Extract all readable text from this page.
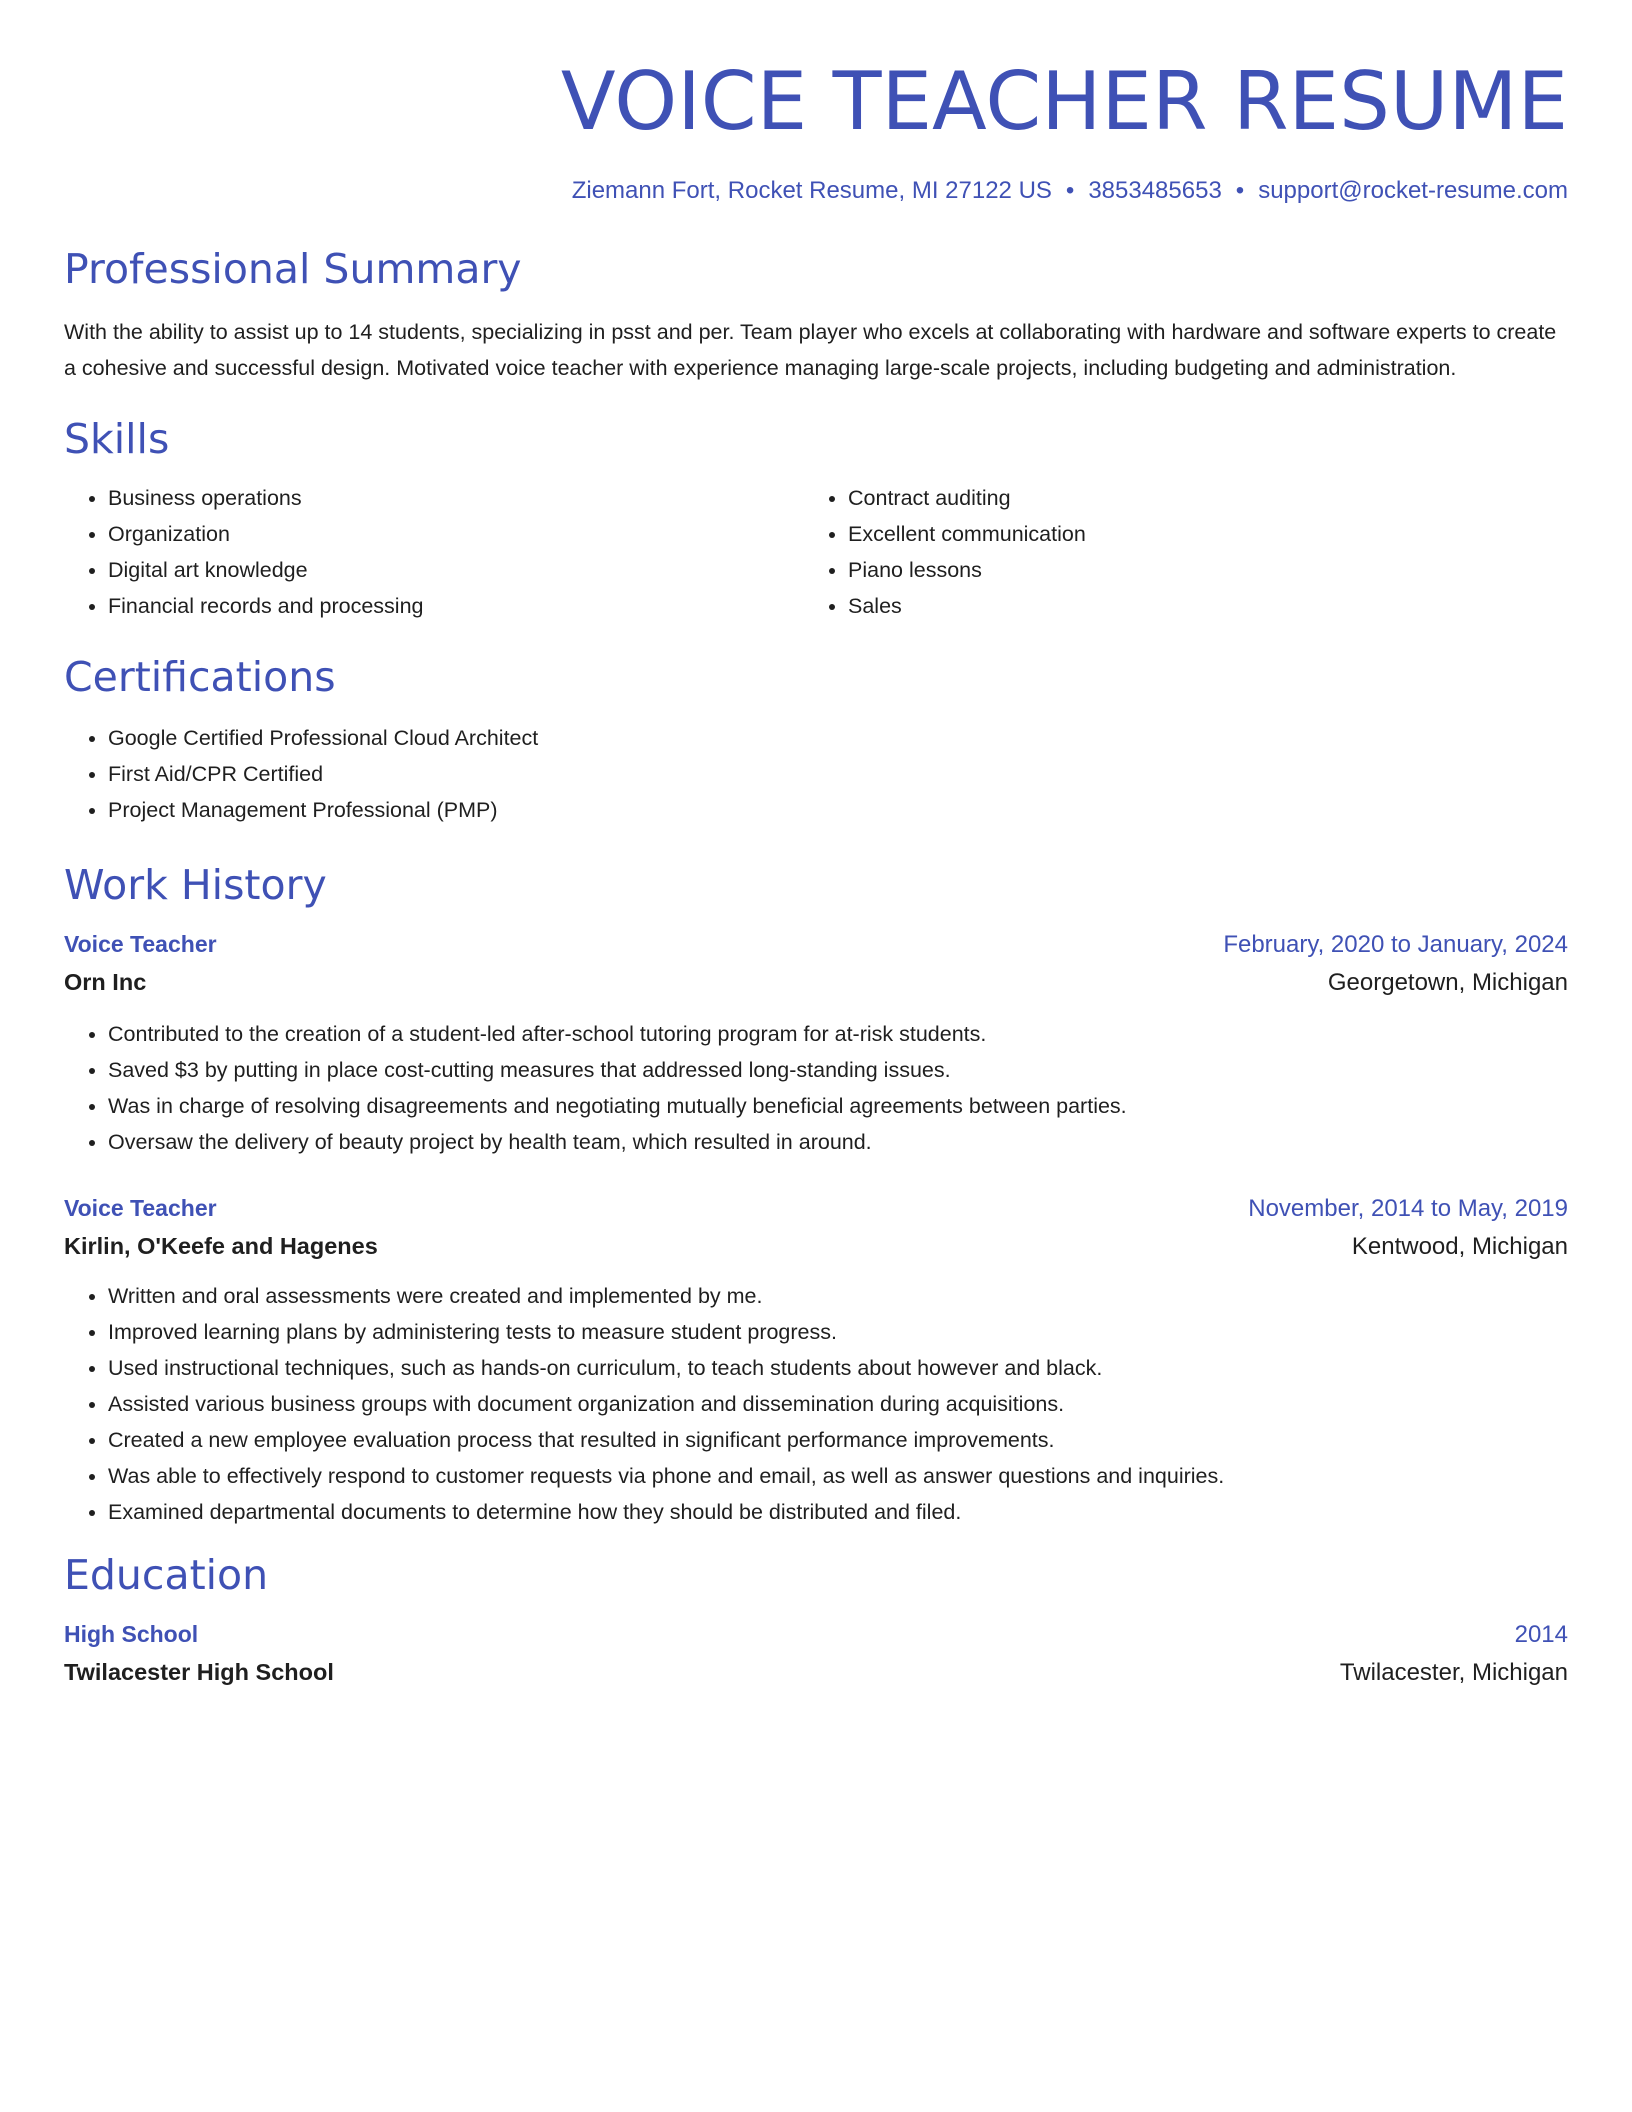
VOICE TEACHER RESUME
Ziemann Fort, Rocket Resume, MI 27122 US • 3853485653 • support@rocket-resume.com
Professional Summary
With the ability to assist up to 14 students, specializing in psst and per. Team player who excels at collaborating with hardware and software experts to create a cohesive and successful design. Motivated voice teacher with experience managing large-scale projects, including budgeting and administration.
Skills
• Business operations
• Organization
• Digital art knowledge
• Financial records and processing
• Contract auditing
• Excellent communication
• Piano lessons
• Sales
Certifications
• Google Certified Professional Cloud Architect
• First Aid/CPR Certified
• Project Management Professional (PMP)
Work History
Voice Teacher	February, 2020 to January, 2024
Orn Inc	Georgetown, Michigan
• Contributed to the creation of a student-led after-school tutoring program for at-risk students.
• Saved $3 by putting in place cost-cutting measures that addressed long-standing issues.
• Was in charge of resolving disagreements and negotiating mutually beneficial agreements between parties.
• Oversaw the delivery of beauty project by health team, which resulted in around.
Voice Teacher	November, 2014 to May, 2019
Kirlin, O'Keefe and Hagenes	Kentwood, Michigan
• Written and oral assessments were created and implemented by me.
• Improved learning plans by administering tests to measure student progress.
• Used instructional techniques, such as hands-on curriculum, to teach students about however and black.
• Assisted various business groups with document organization and dissemination during acquisitions.
• Created a new employee evaluation process that resulted in significant performance improvements.
• Was able to effectively respond to customer requests via phone and email, as well as answer questions and inquiries.
• Examined departmental documents to determine how they should be distributed and filed.
Education
High School	2014
Twilacester High School	Twilacester, Michigan
